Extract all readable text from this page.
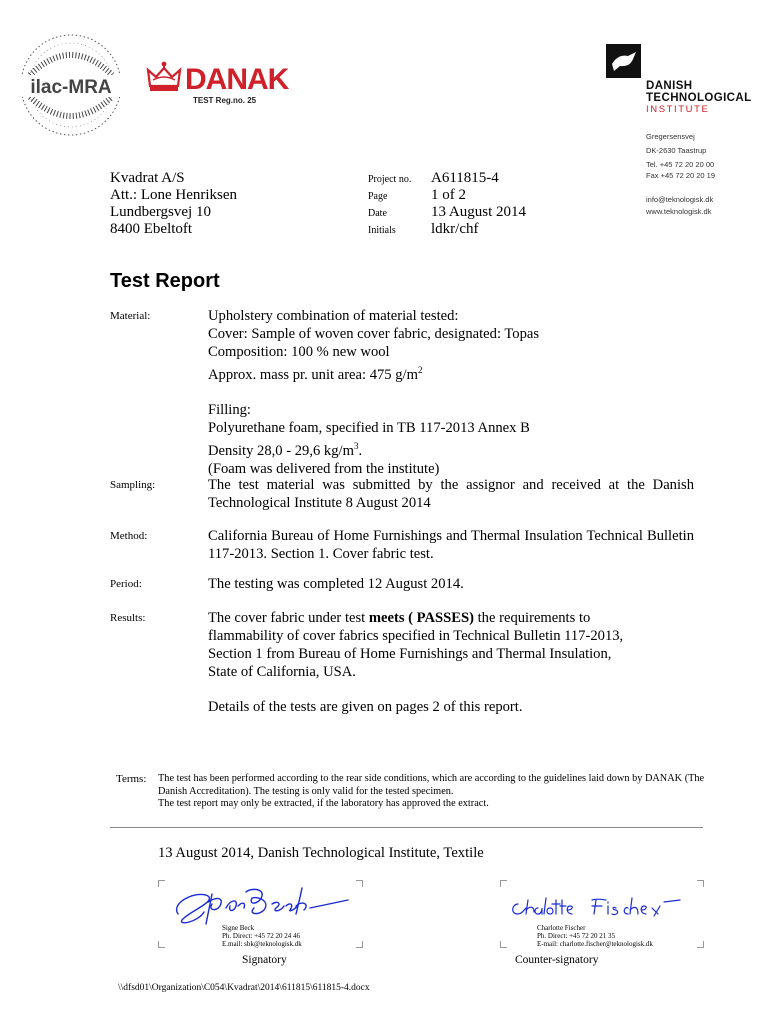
ilac-MRA DANAK
TEST Reg.no. 25
DANISH
TECHNOLOGICAL
INSTITUTE
Gregersensvej
DK-2630 Taastrup
Tel. +45 72 20 20 00
Fax +45 72 20 20 19
info@teknologisk.dk
www.teknologisk.dk
Kvadrat A/S
Att.: Lone Henriksen
Lundbergsvej 10
8400 Ebeltoft
Project no. A611815-4
Page	1 of 2
Date	13 August 2014
Initials ldkr/chf
Test Report
Material:	Upholstery combination of material tested:
Cover: Sample of woven cover fabric, designated: Topas
Composition: 100 % new wool
Approx. mass pr. unit area: 475 $g/m^2$
Filling:
Polyurethane foam, specified in TB 117-2013 Annex B
Density 28,0 - 29,6 $kg/m^3$.
(Foam was delivered from the institute)
Sampling:	The test material was submitted by the assignor and received at the Danish Technological Institute 8 August 2014
Method:	California Bureau of Home Furnishings and Thermal Insulation Technical Bulletin 117-2013. Section 1. Cover fabric test.
Period:	The testing was completed 12 August 2014.
Results:	The cover fabric under test meets ( PASSES) the requirements to
flammability of cover fabrics specified in Technical Bulletin 117-2013,
Section 1 from Bureau of Home Furnishings and Thermal Insulation,
State of California, USA.
Details of the tests are given on pages 2 of this report.
Terms: The test has been performed according to the rear side conditions, which are according to the guidelines laid down by DANAK (The Danish Accreditation). The testing is only valid for the tested specimen.
The test report may only be extracted, if the laboratory has approved the extract.
13 August 2014, Danish Technological Institute, Textile
Signe Beck
Ph. Direct: +45 72 20 24 46
E.mail: sbk@teknologisk.dk
Signatory
Charlotte Fischer
Ph. Direct: +45 72 20 21 35
E-mail: charlotte.fischer@teknologisk.dk
Counter-signatory
\\dfsd01\Organization\C054\Kvadrat\2014\611815\611815-4.docx
